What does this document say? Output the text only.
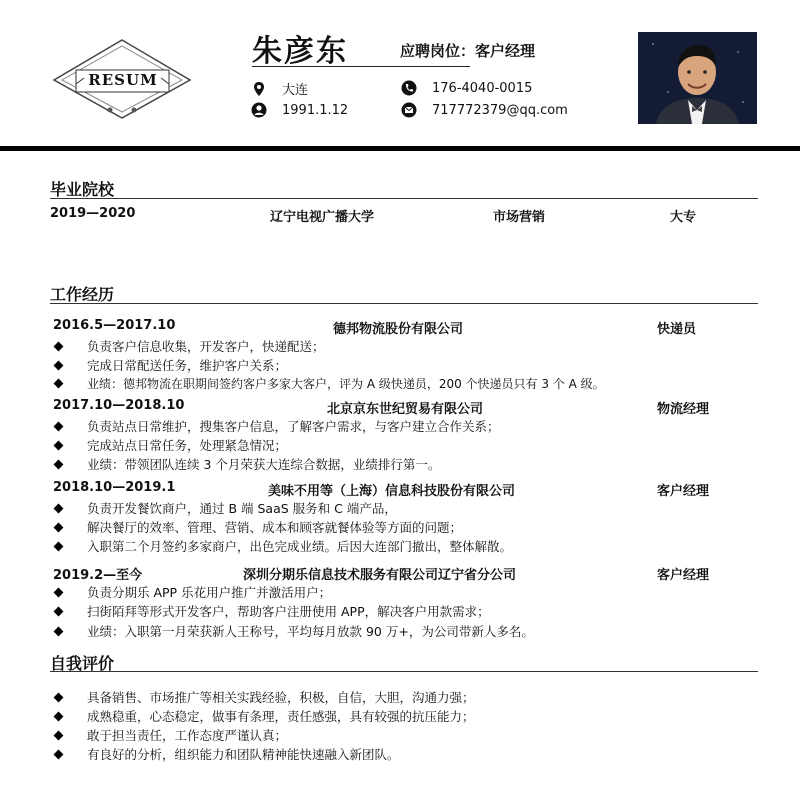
RESUM
朱彦东	应聘岗位：客户经理
大连
1991.1.12
176-4040-0015
717772379@qq.com
毕业院校
2019—2020	辽宁电视广播大学	市场营销	大专
工作经历
2016.5—2017.10	德邦物流股份有限公司	快递员
负责客户信息收集，开发客户，快递配送；
完成日常配送任务，维护客户关系；
业绩：德邦物流在职期间签约客户多家大客户，评为 A 级快递员，200 个快递员只有 3 个 A 级。
2017.10—2018.10	北京京东世纪贸易有限公司	物流经理
负责站点日常维护，搜集客户信息，了解客户需求，与客户建立合作关系；
完成站点日常任务，处理紧急情况；
业绩：带领团队连续 3 个月荣获大连综合数据，业绩排行第一。
2018.10—2019.1	美味不用等（上海）信息科技股份有限公司	客户经理
负责开发餐饮商户，通过 B 端 SaaS 服务和 C 端产品，
解决餐厅的效率、管理、营销、成本和顾客就餐体验等方面的问题；
入职第二个月签约多家商户，出色完成业绩。后因大连部门撤出，整体解散。
2019.2—至今	深圳分期乐信息技术服务有限公司辽宁省分公司	客户经理
负责分期乐 APP 乐花用户推广并激活用户；
扫街陌拜等形式开发客户，帮助客户注册使用 APP，解决客户用款需求；
业绩：入职第一月荣获新人王称号，平均每月放款 90 万+，为公司带新人多名。
自我评价
具备销售、市场推广等相关实践经验，积极，自信，大胆，沟通力强；
成熟稳重，心态稳定，做事有条理，责任感强，具有较强的抗压能力；
敢于担当责任，工作态度严谨认真；
有良好的分析，组织能力和团队精神能快速融入新团队。
